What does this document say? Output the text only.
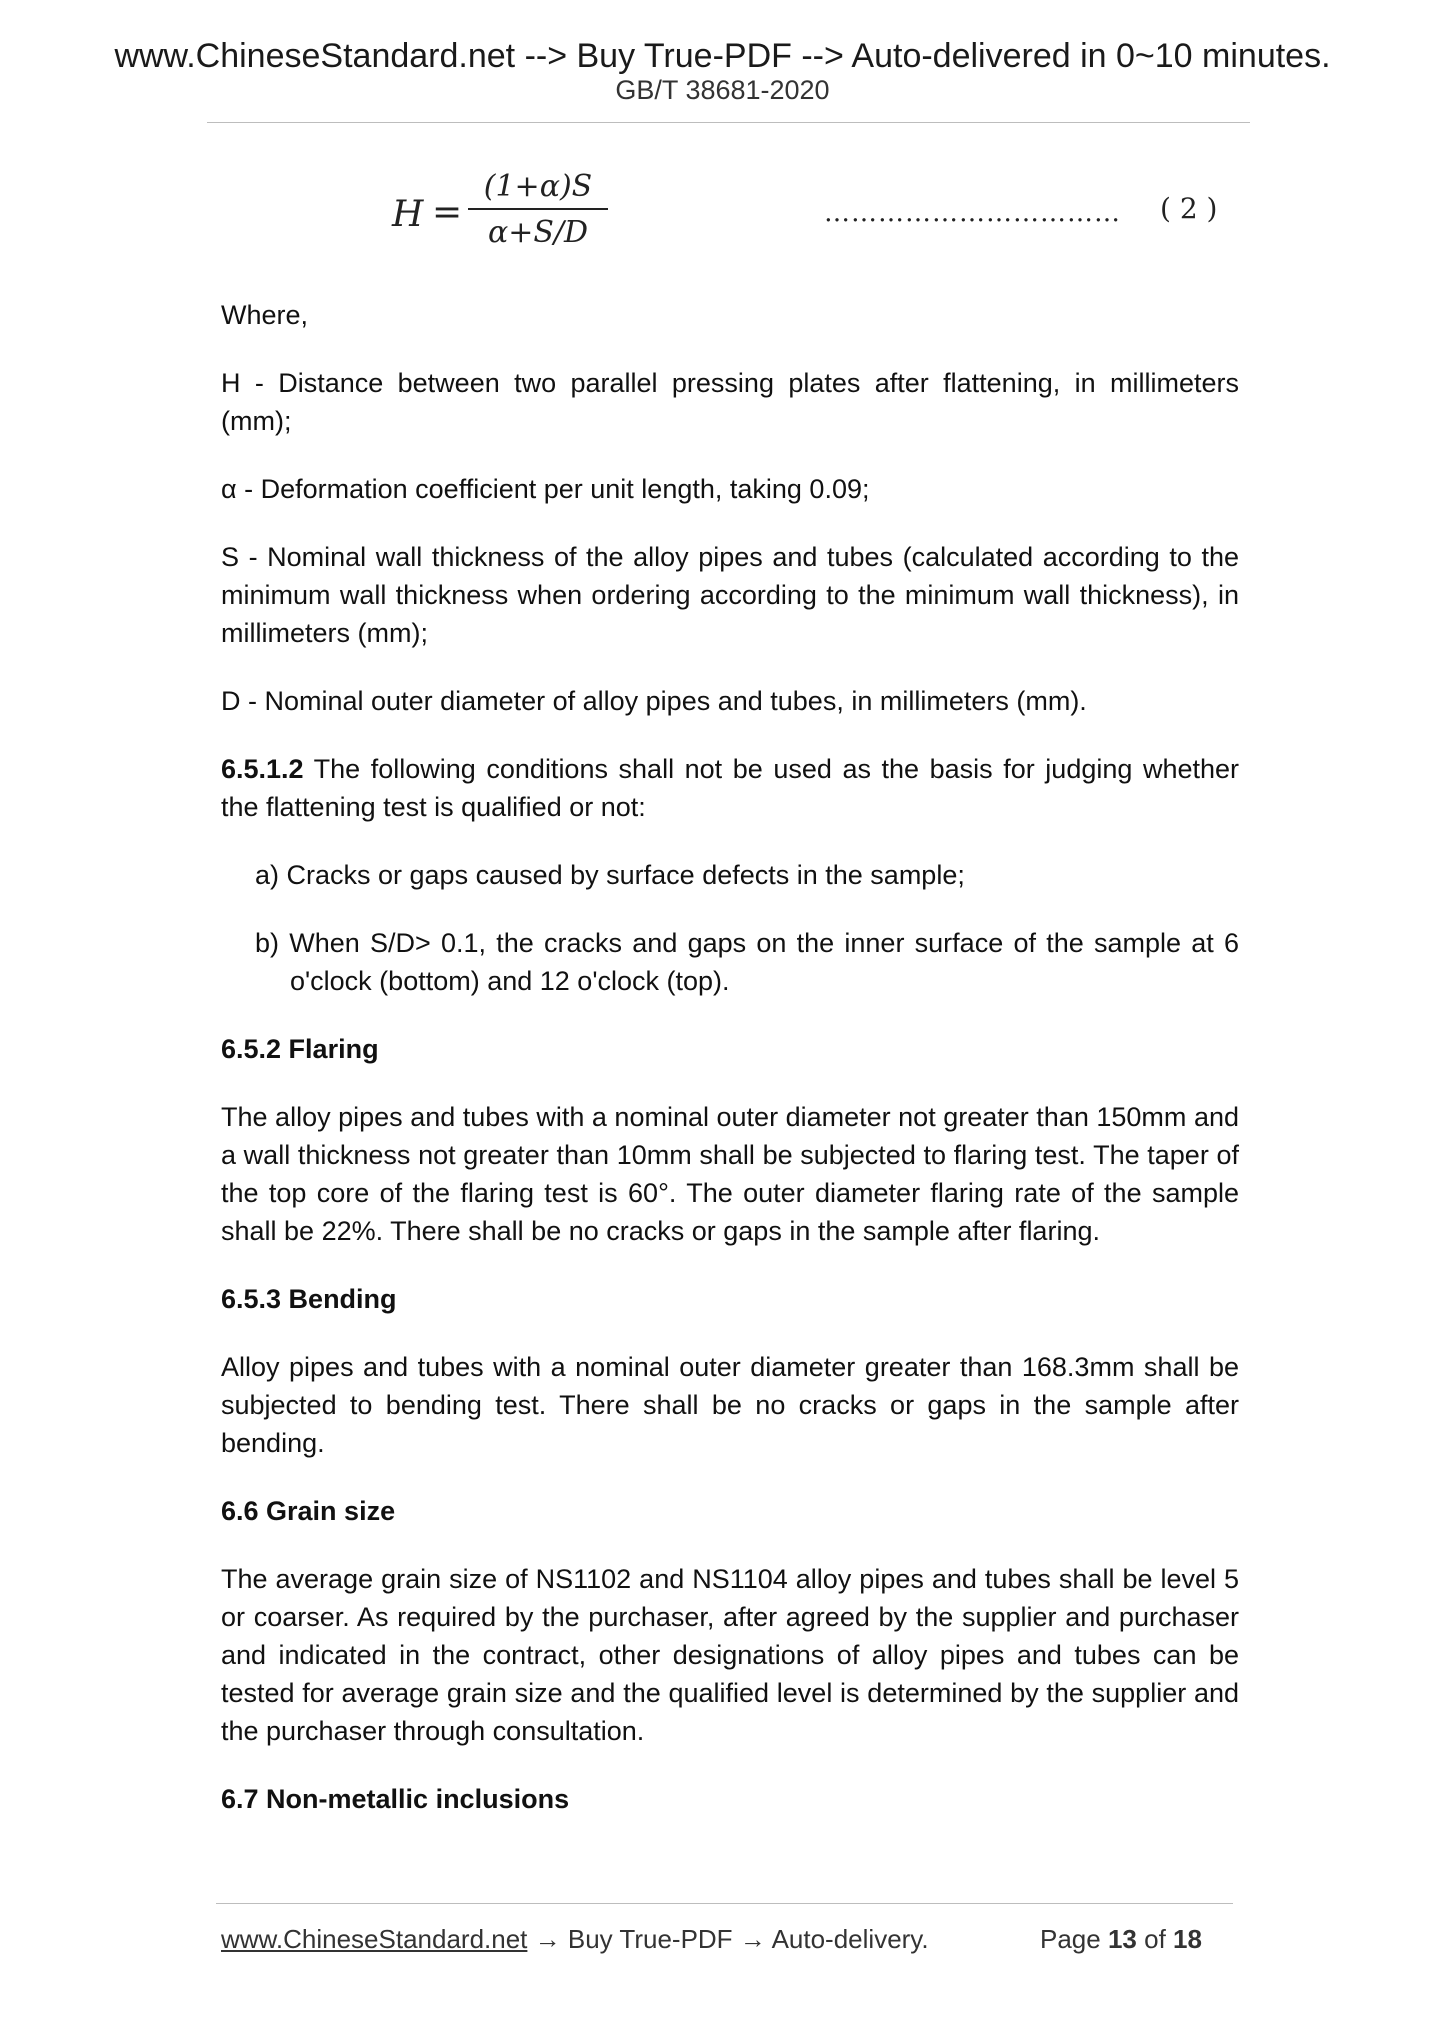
www.ChineseStandard.net --> Buy True-PDF --> Auto-delivered in 0~10 minutes.
GB/T 38681-2020
H =
(1+α)S
α+S/D
…………………………… ( 2 )

Where,

H - Distance between two parallel pressing plates after flattening, in millimeters (mm);

α - Deformation coefficient per unit length, taking 0.09;

S - Nominal wall thickness of the alloy pipes and tubes (calculated according to the minimum wall thickness when ordering according to the minimum wall thickness), in millimeters (mm);

D - Nominal outer diameter of alloy pipes and tubes, in millimeters (mm).

6.5.1.2 The following conditions shall not be used as the basis for judging whether the flattening test is qualified or not:

a) Cracks or gaps caused by surface defects in the sample;
b) When S/D> 0.1, the cracks and gaps on the inner surface of the sample at 6 o'clock (bottom) and 12 o'clock (top).
6.5.2 Flaring

The alloy pipes and tubes with a nominal outer diameter not greater than 150mm and a wall thickness not greater than 10mm shall be subjected to flaring test. The taper of the top core of the flaring test is 60°. The outer diameter flaring rate of the sample shall be 22%. There shall be no cracks or gaps in the sample after flaring.

6.5.3 Bending

Alloy pipes and tubes with a nominal outer diameter greater than 168.3mm shall be subjected to bending test. There shall be no cracks or gaps in the sample after bending.

6.6 Grain size

The average grain size of NS1102 and NS1104 alloy pipes and tubes shall be level 5 or coarser. As required by the purchaser, after agreed by the supplier and purchaser and indicated in the contract, other designations of alloy pipes and tubes can be tested for average grain size and the qualified level is determined by the supplier and the purchaser through consultation.

6.7 Non-metallic inclusions
www.ChineseStandard.net → Buy True-PDF → Auto-delivery.	Page 13 of 18
